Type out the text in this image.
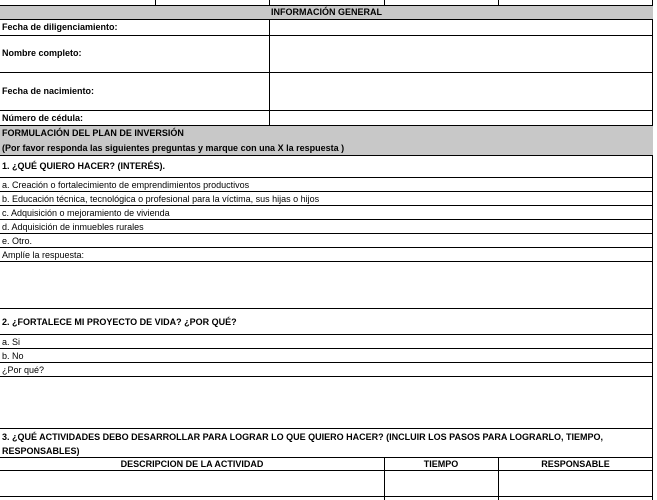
INFORMACIÓN GENERAL
Fecha de diligenciamiento:
Nombre completo:
Fecha de nacimiento:
Número de cédula:
FORMULACIÓN DEL PLAN DE INVERSIÓN
(Por favor responda las siguientes preguntas y marque con una X la respuesta )
1. ¿QUÉ QUIERO HACER? (INTERÉS).
a. Creación o fortalecimiento de emprendimientos productivos
b. Educación técnica, tecnológica o profesional para la víctima, sus hijas o hijos
c. Adquisición o mejoramiento de vivienda
d. Adquisición de inmuebles rurales
e. Otro.
Amplíe la respuesta:
2. ¿FORTALECE MI PROYECTO DE VIDA? ¿POR QUÉ?
a. Si
b. No
¿Por qué?
3. ¿QUÉ ACTIVIDADES DEBO DESARROLLAR PARA LOGRAR LO QUE QUIERO HACER? (INCLUIR LOS PASOS PARA LOGRARLO, TIEMPO,
RESPONSABLES)
DESCRIPCION DE LA ACTIVIDAD	TIEMPO	RESPONSABLE
